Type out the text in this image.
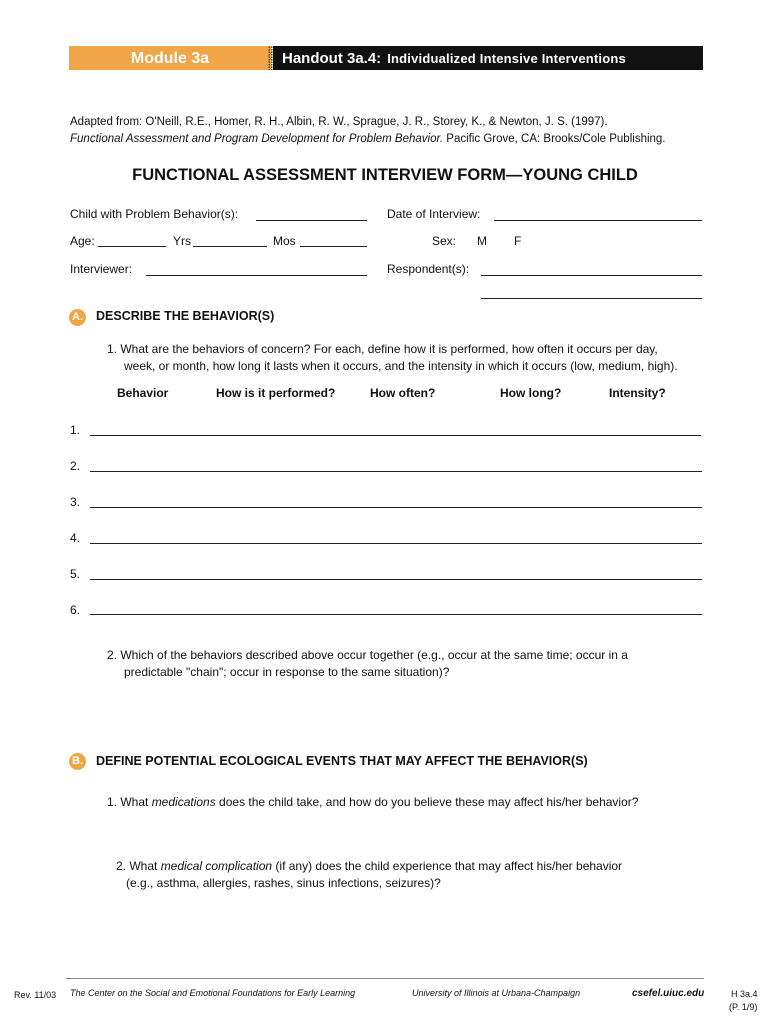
Module 3a	Handout 3a.4: Individualized Intensive Interventions
Adapted from: O'Neill, R.E., Homer, R. H., Albin, R. W., Sprague, J. R., Storey, K., & Newton, J. S. (1997).
Functional Assessment and Program Development for Problem Behavior. Pacific Grove, CA: Brooks/Cole Publishing.
FUNCTIONAL ASSESSMENT INTERVIEW FORM—YOUNG CHILD
Child with Problem Behavior(s):	Date of Interview:
Age:	Yrs	Mos	Sex: M F
Interviewer:	Respondent(s):
A. DESCRIBE THE BEHAVIOR(S)
1. What are the behaviors of concern? For each, define how it is performed, how often it occurs per day,
week, or month, how long it lasts when it occurs, and the intensity in which it occurs (low, medium, high).
Behavior	How is it performed?	How often?	How long?	Intensity?
1.
2.
3.
4.
5.
6.
2. Which of the behaviors described above occur together (e.g., occur at the same time; occur in a
predictable "chain"; occur in response to the same situation)?
B. DEFINE POTENTIAL ECOLOGICAL EVENTS THAT MAY AFFECT THE BEHAVIOR(S)
1. What medications does the child take, and how do you believe these may affect his/her behavior?
2. What medical complication (if any) does the child experience that may affect his/her behavior
(e.g., asthma, allergies, rashes, sinus infections, seizures)?
Rev. 11/03 The Center on the Social and Emotional Foundations for Early Learning	University of Illinois at Urbana-Champaign	csefel.uiuc.edu	H 3a.4
(P. 1/9)
